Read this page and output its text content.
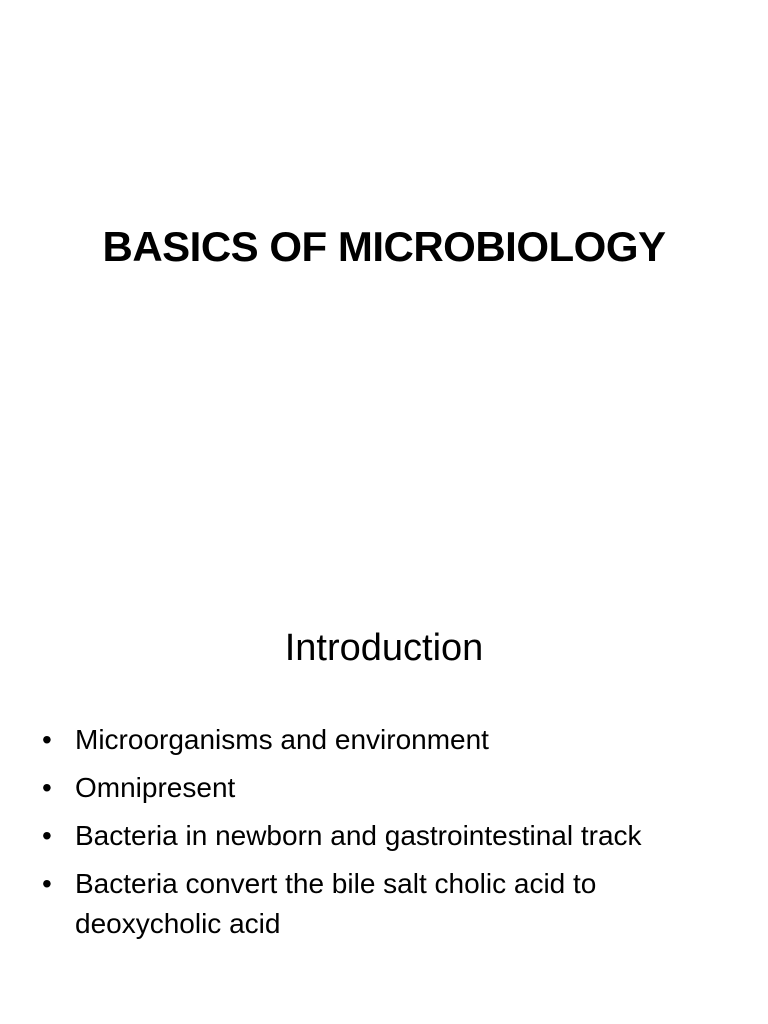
BASICS OF MICROBIOLOGY
Introduction
• Microorganisms and environment
• Omnipresent
• Bacteria in newborn and gastrointestinal track
• Bacteria convert the bile salt cholic acid to deoxycholic acid
